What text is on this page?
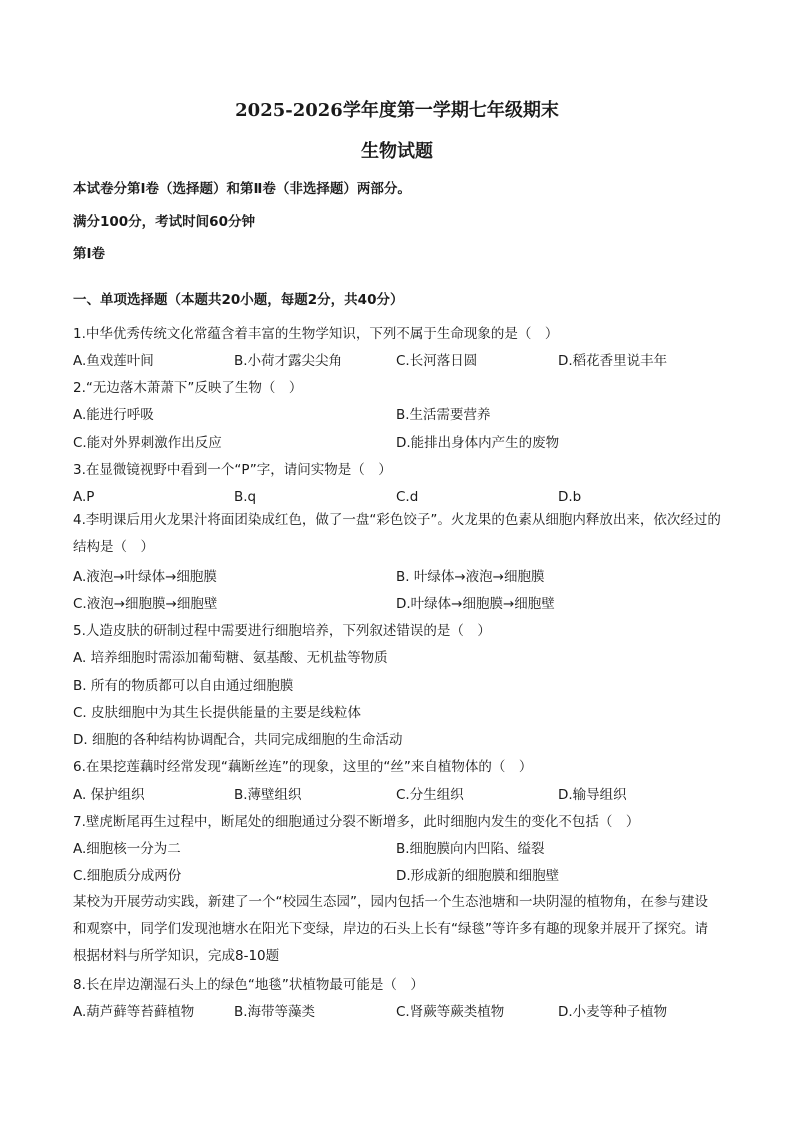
2025-2026学年度第一学期七年级期末
生物试题
本试卷分第Ⅰ卷（选择题）和第Ⅱ卷（非选择题）两部分。
满分100分，考试时间60分钟
第Ⅰ卷
一、单项选择题（本题共20小题，每题2分，共40分）
1.中华优秀传统文化常蕴含着丰富的生物学知识，下列不属于生命现象的是（　）
A.鱼戏莲叶间	B.小荷才露尖尖角	C.长河落日圆	D.稻花香里说丰年
2.“无边落木萧萧下”反映了生物（　）
A.能进行呼吸	B.生活需要营养
C.能对外界刺激作出反应	D.能排出身体内产生的废物
3.在显微镜视野中看到一个“P”字，请问实物是（　）
A.P	B.q	C.d	D.b
4.李明课后用火龙果汁将面团染成红色，做了一盘“彩色饺子”。火龙果的色素从细胞内释放出来，依次经过的结构是（　）
A.液泡→叶绿体→细胞膜	B. 叶绿体→液泡→细胞膜
C.液泡→细胞膜→细胞壁	D.叶绿体→细胞膜→细胞壁
5.人造皮肤的研制过程中需要进行细胞培养，下列叙述错误的是（　）
A. 培养细胞时需添加葡萄糖、氨基酸、无机盐等物质
B. 所有的物质都可以自由通过细胞膜
C. 皮肤细胞中为其生长提供能量的主要是线粒体
D. 细胞的各种结构协调配合，共同完成细胞的生命活动
6.在果挖莲藕时经常发现“藕断丝连”的现象，这里的“丝”来自植物体的（　）
A. 保护组织	B.薄壁组织	C.分生组织	D.输导组织
7.壁虎断尾再生过程中，断尾处的细胞通过分裂不断增多，此时细胞内发生的变化不包括（　）
A.细胞核一分为二	B.细胞膜向内凹陷、缢裂
C.细胞质分成两份	D.形成新的细胞膜和细胞壁
某校为开展劳动实践，新建了一个“校园生态园”，园内包括一个生态池塘和一块阴湿的植物角，在参与建设和观察中，同学们发现池塘水在阳光下变绿，岸边的石头上长有“绿毯”等许多有趣的现象并展开了探究。请根据材料与所学知识，完成8-10题
8.长在岸边潮湿石头上的绿色“地毯”状植物最可能是（　）
A.葫芦藓等苔藓植物	B.海带等藻类	C.肾蕨等蕨类植物	D.小麦等种子植物
